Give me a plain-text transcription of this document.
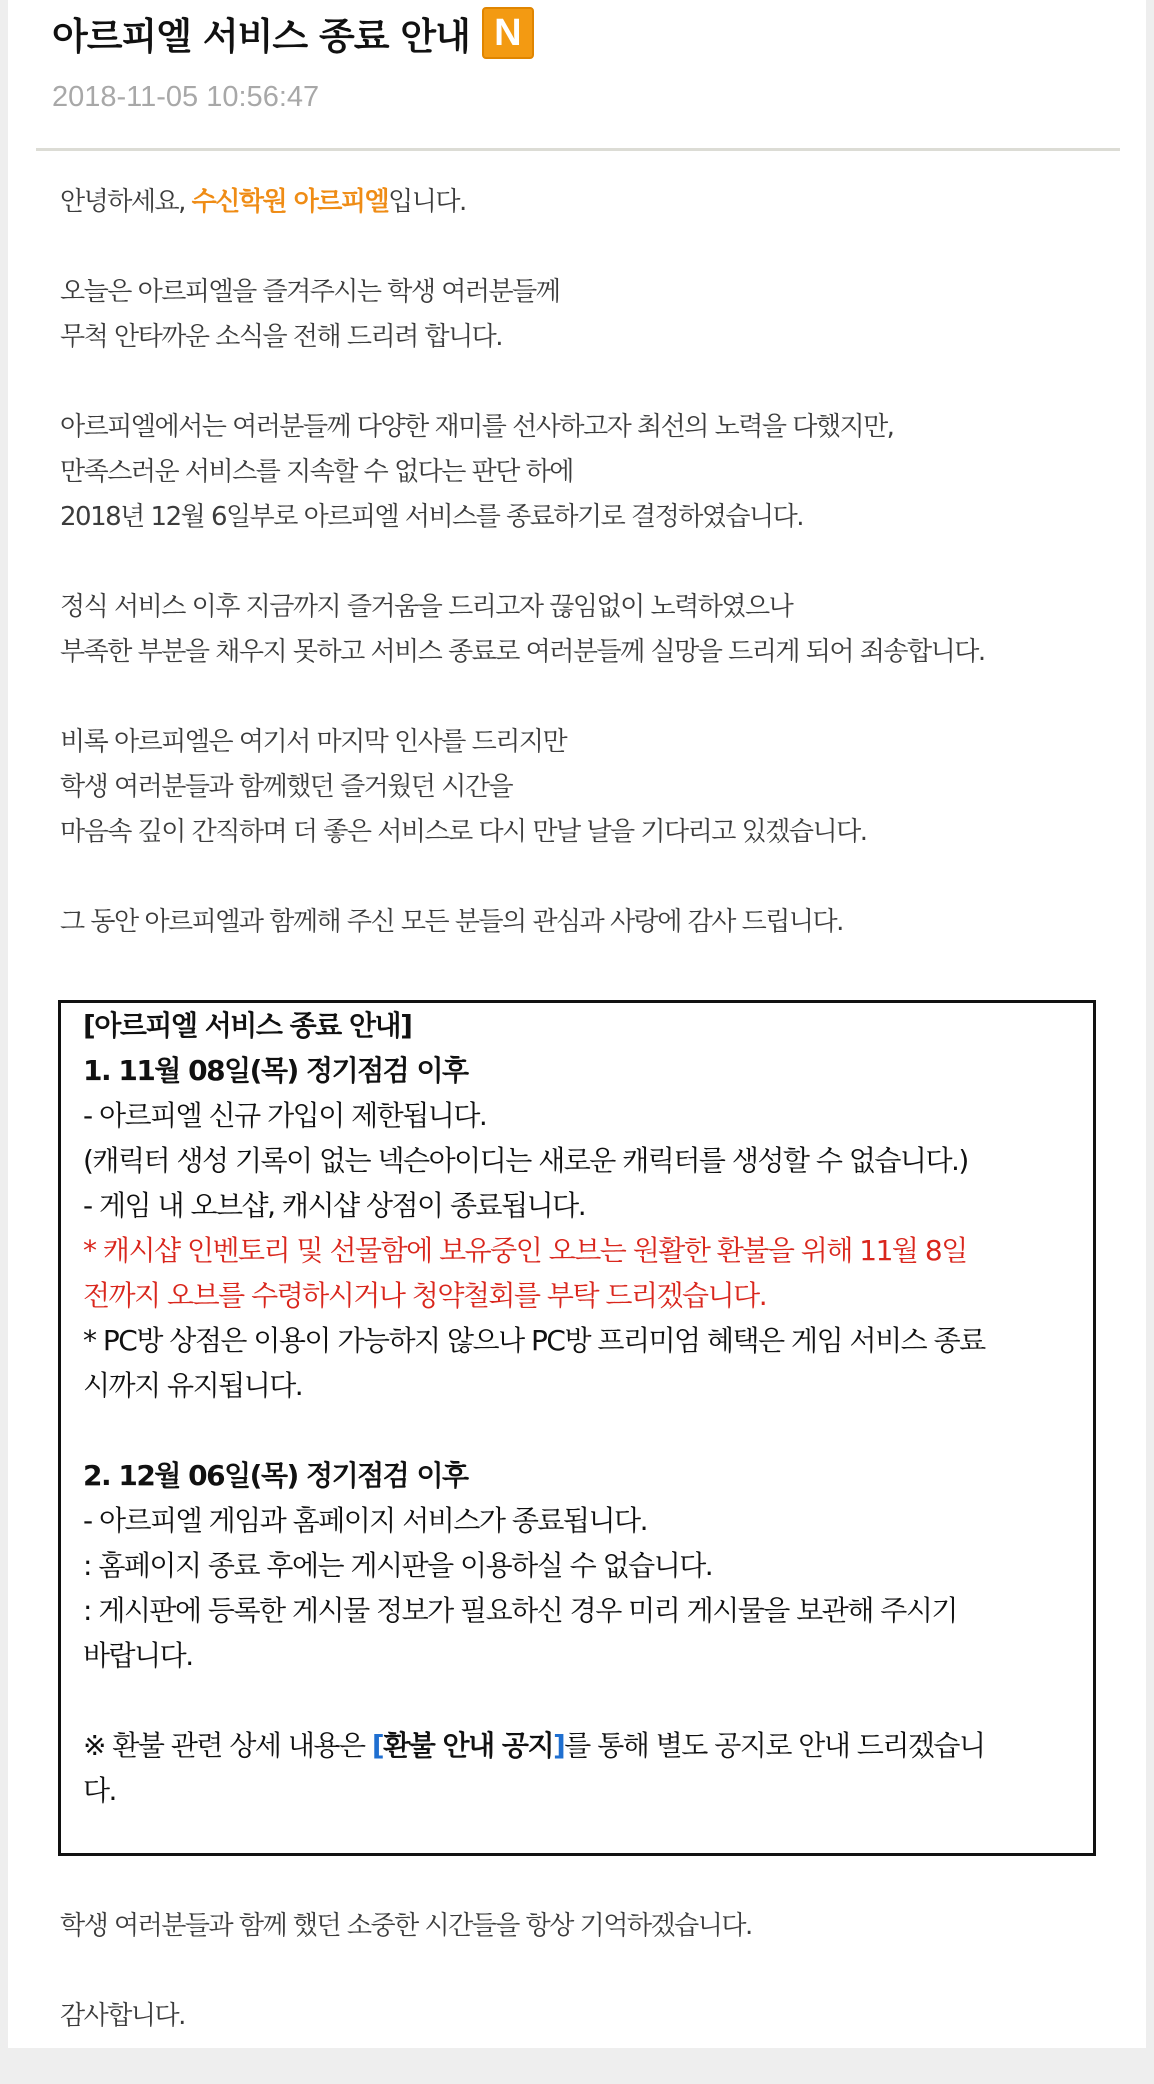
아르피엘 서비스 종료 안내 N
2018-11-05 10:56:47

안녕하세요, 수신학원 아르피엘입니다.

오늘은 아르피엘을 즐겨주시는 학생 여러분들께
무척 안타까운 소식을 전해 드리려 합니다.

아르피엘에서는 여러분들께 다양한 재미를 선사하고자 최선의 노력을 다했지만,
만족스러운 서비스를 지속할 수 없다는 판단 하에
2018년 12월 6일부로 아르피엘 서비스를 종료하기로 결정하였습니다.

정식 서비스 이후 지금까지 즐거움을 드리고자 끊임없이 노력하였으나
부족한 부분을 채우지 못하고 서비스 종료로 여러분들께 실망을 드리게 되어 죄송합니다.

비록 아르피엘은 여기서 마지막 인사를 드리지만
학생 여러분들과 함께했던 즐거웠던 시간을
마음속 깊이 간직하며 더 좋은 서비스로 다시 만날 날을 기다리고 있겠습니다.

그 동안 아르피엘과 함께해 주신 모든 분들의 관심과 사랑에 감사 드립니다.

[아르피엘 서비스 종료 안내]
1. 11월 08일(목) 정기점검 이후
- 아르피엘 신규 가입이 제한됩니다.
(캐릭터 생성 기록이 없는 넥슨아이디는 새로운 캐릭터를 생성할 수 없습니다.)
- 게임 내 오브샵, 캐시샵 상점이 종료됩니다.
* 캐시샵 인벤토리 및 선물함에 보유중인 오브는 원활한 환불을 위해 11월 8일
전까지 오브를 수령하시거나 청약철회를 부탁 드리겠습니다.
* PC방 상점은 이용이 가능하지 않으나 PC방 프리미엄 혜택은 게임 서비스 종료
시까지 유지됩니다.
2. 12월 06일(목) 정기점검 이후
- 아르피엘 게임과 홈페이지 서비스가 종료됩니다.
: 홈페이지 종료 후에는 게시판을 이용하실 수 없습니다.
: 게시판에 등록한 게시물 정보가 필요하신 경우 미리 게시물을 보관해 주시기
바랍니다.
※ 환불 관련 상세 내용은 [환불 안내 공지]를 통해 별도 공지로 안내 드리겠습니
다.

학생 여러분들과 함께 했던 소중한 시간들을 항상 기억하겠습니다.

감사합니다.
